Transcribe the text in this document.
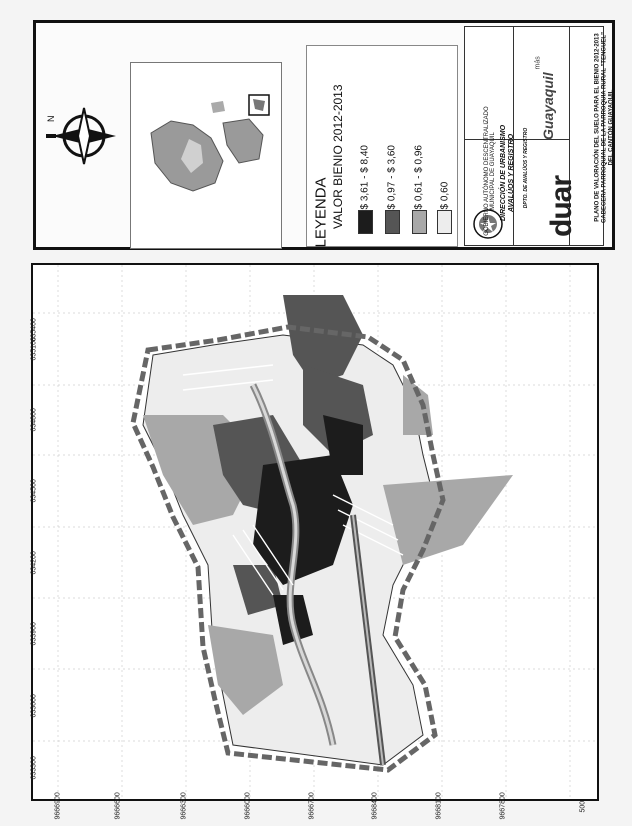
N
LEYENDA VALOR BIENIO 2012-2013 $ 3,61 - $ 8,40 $ 0,97 - $ 3,60 $ 0,61 - $ 0,96 $ 0,60	GOBIERNO AUTÓNOMO DESCENTRALIZADO MUNICIPAL DE GUAYAQUIL DIRECCIÓN DE URBANISMO AVALÚOS Y REGISTRO DPTO. DE AVALÚOS Y REGISTRO
Guayaquil
más
duar	PLANO DE VALORACIÓN DEL SUELO PARA EL BIENIO 2012-2013 CABECERA PARROQUIAL DE LA PARROQUIA RURAL "TENGUEL" DEL CANTÓN GUAYAQUIL
633300
633600
633900
634200
634500
634800
635100
635400
9666900	9666600	9666300	9666000	9666700	9668400	9668100	9667800	500
